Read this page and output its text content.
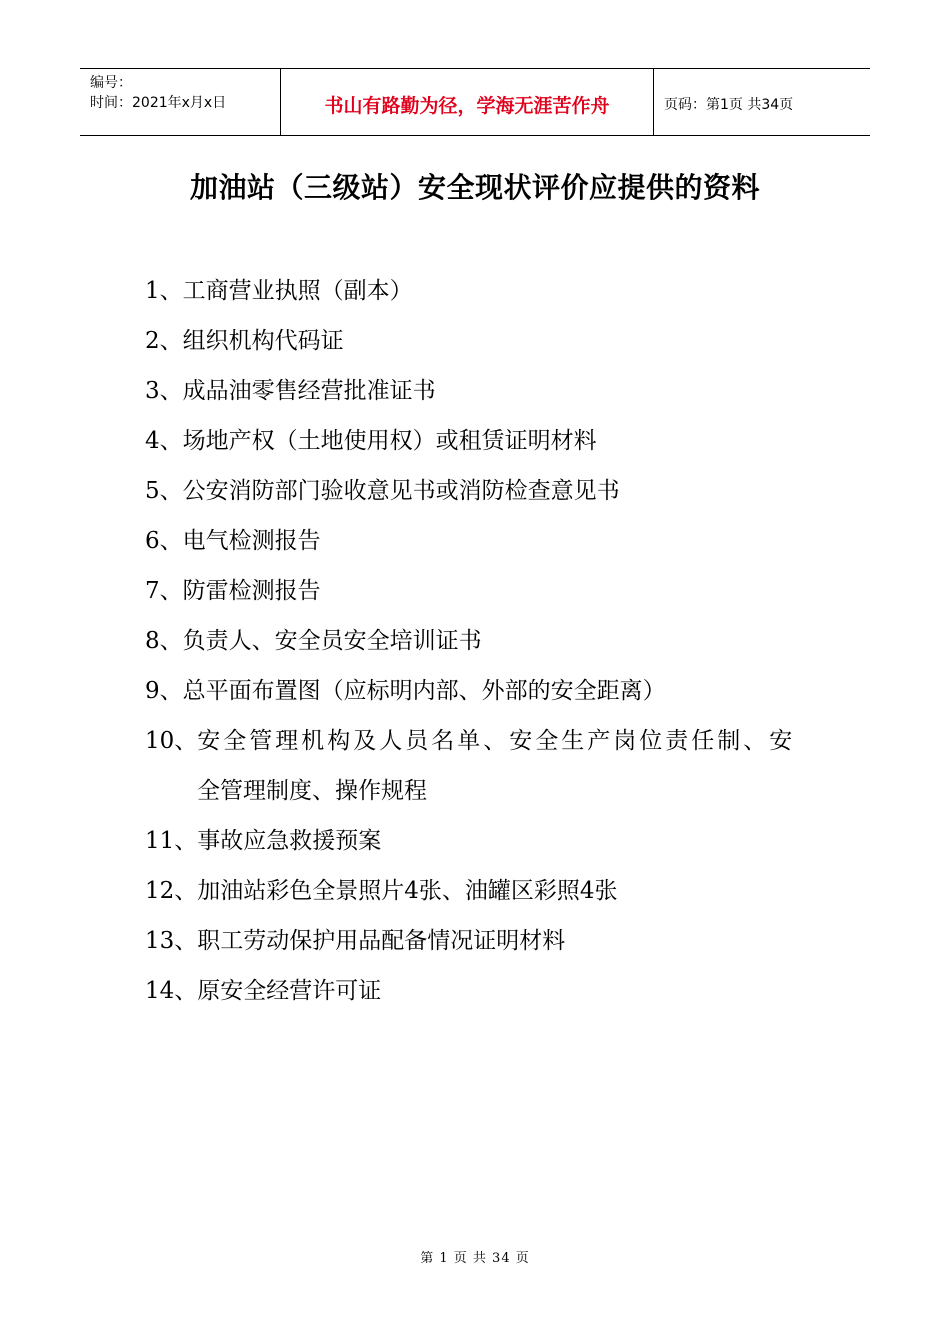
编号：
时间：2021年x月x日	书山有路勤为径，学海无涯苦作舟	页码：第1页 共34页
加油站（三级站）安全现状评价应提供的资料
1、工商营业执照（副本）
2、组织机构代码证
3、成品油零售经营批准证书
4、场地产权（土地使用权）或租赁证明材料
5、公安消防部门验收意见书或消防检查意见书
6、电气检测报告
7、防雷检测报告
8、负责人、安全员安全培训证书
9、总平面布置图（应标明内部、外部的安全距离）
10、安全管理机构及人员名单、安全生产岗位责任制、安
全管理制度、操作规程
11、事故应急救援预案
12、加油站彩色全景照片4张、油罐区彩照4张
13、职工劳动保护用品配备情况证明材料
14、原安全经营许可证
第 1 页 共 34 页
